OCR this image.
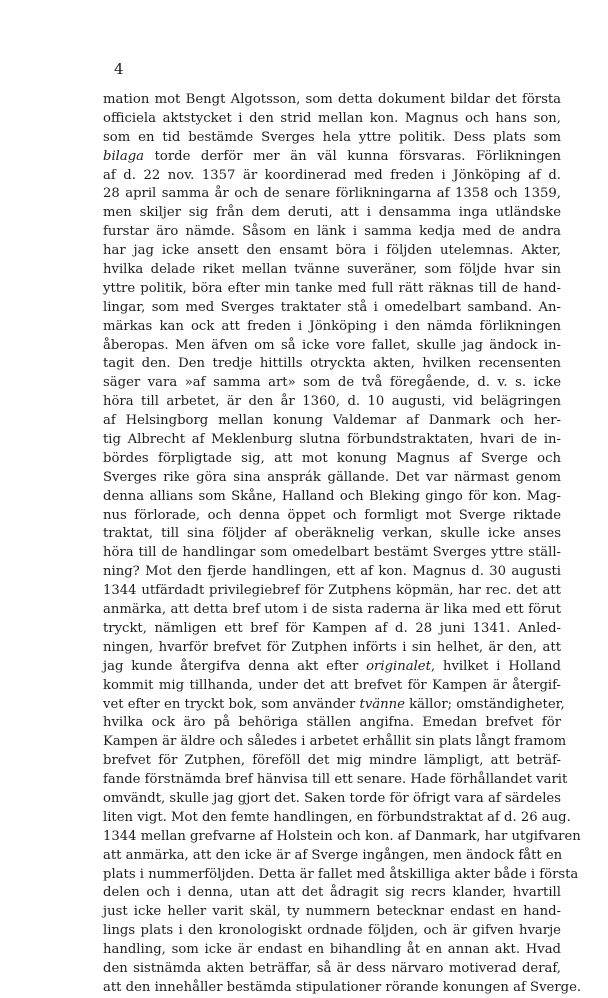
4
mation mot Bengt Algotsson, som detta dokument bildar det första
officiela aktstycket i den strid mellan kon. Magnus och hans son,
som en tid bestämde Sverges hela yttre politik. Dess plats som
bilaga torde derför mer än väl kunna försvaras. Förlikningen
af d. 22 nov. 1357 är koordinerad med freden i Jönköping af d.
28 april samma år och de senare förlikningarna af 1358 och 1359,
men skiljer sig från dem deruti, att i densamma inga utländske
furstar äro nämde. Såsom en länk i samma kedja med de andra
har jag icke ansett den ensamt böra i följden utelemnas. Akter,
hvilka delade riket mellan tvänne suveräner, som följde hvar sin
yttre politik, böra efter min tanke med full rätt räknas till de hand-
lingar, som med Sverges traktater stå i omedelbart samband. An-
märkas kan ock att freden i Jönköping i den nämda förlikningen
åberopas. Men äfven om så icke vore fallet, skulle jag ändock in-
tagit den. Den tredje hittills otryckta akten, hvilken recensenten
säger vara »af samma art» som de två föregående, d. v. s. icke
höra till arbetet, är den år 1360, d. 10 augusti, vid belägringen
af Helsingborg mellan konung Valdemar af Danmark och her-
tig Albrecht af Meklenburg slutna förbundstraktaten, hvari de in-
bördes förpligtade sig, att mot konung Magnus af Sverge och
Sverges rike göra sina ansprák gällande. Det var närmast genom
denna allians som Skåne, Halland och Bleking gingo för kon. Mag-
nus förlorade, och denna öppet och formligt mot Sverge riktade
traktat, till sina följder af oberäknelig verkan, skulle icke anses
höra till de handlingar som omedelbart bestämt Sverges yttre ställ-
ning? Mot den fjerde handlingen, ett af kon. Magnus d. 30 augusti
1344 utfärdadt privilegiebref för Zutphens köpmän, har rec. det att
anmärka, att detta bref utom i de sista raderna är lika med ett förut
tryckt, nämligen ett bref för Kampen af d. 28 juni 1341. Anled-
ningen, hvarför brefvet för Zutphen införts i sin helhet, är den, att
jag kunde återgifva denna akt efter originalet, hvilket i Holland
kommit mig tillhanda, under det att brefvet för Kampen är återgif-
vet efter en tryckt bok, som använder tvänne källor; omständigheter,
hvilka ock äro på behöriga ställen angifna. Emedan brefvet för
Kampen är äldre och således i arbetet erhållit sin plats långt framom
brefvet för Zutphen, föreföll det mig mindre lämpligt, att beträf-
fande förstnämda bref hänvisa till ett senare. Hade förhållandet varit
omvändt, skulle jag gjort det. Saken torde för öfrigt vara af särdeles
liten vigt. Mot den femte handlingen, en förbundstraktat af d. 26 aug.
1344 mellan grefvarne af Holstein och kon. af Danmark, har utgifvaren
att anmärka, att den icke är af Sverge ingången, men ändock fått en
plats i nummerföljden. Detta är fallet med åtskilliga akter både i första
delen och i denna, utan att det ådragit sig recrs klander, hvartill
just icke heller varit skäl, ty nummern betecknar endast en hand-
lings plats i den kronologiskt ordnade följden, och är gifven hvarje
handling, som icke är endast en bihandling åt en annan akt. Hvad
den sistnämda akten beträffar, så är dess närvaro motiverad deraf,
att den innehåller bestämda stipulationer rörande konungen af Sverge.
